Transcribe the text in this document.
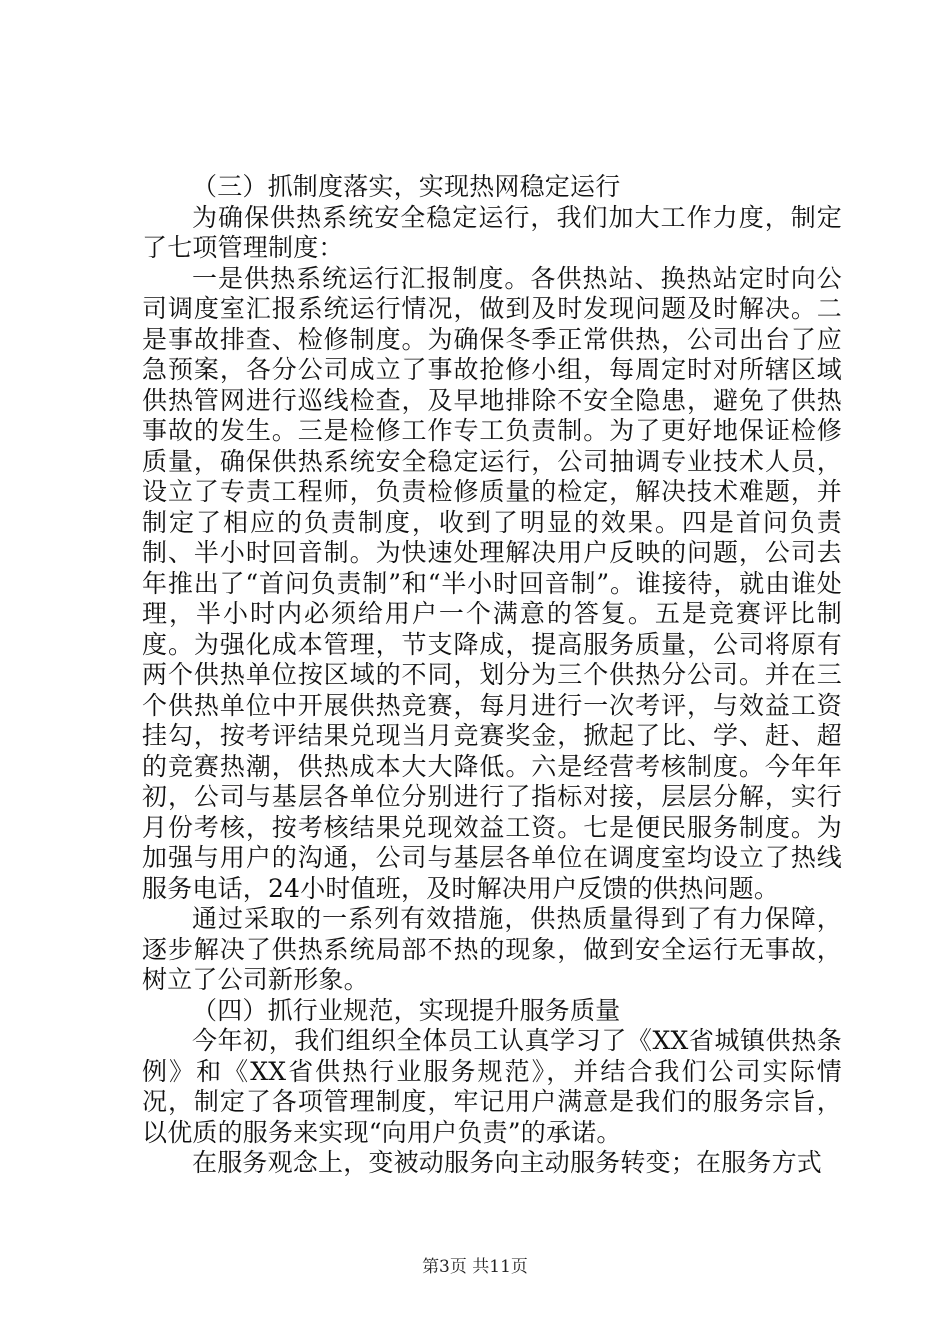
（三）抓制度落实，实现热网稳定运行

为确保供热系统安全稳定运行，我们加大工作力度，制定了七项管理制度：

一是供热系统运行汇报制度。各供热站、换热站定时向公司调度室汇报系统运行情况，做到及时发现问题及时解决。二是事故排查、检修制度。为确保冬季正常供热，公司出台了应急预案，各分公司成立了事故抢修小组，每周定时对所辖区域供热管网进行巡线检查，及早地排除不安全隐患，避免了供热事故的发生。三是检修工作专工负责制。为了更好地保证检修质量，确保供热系统安全稳定运行，公司抽调专业技术人员，设立了专责工程师，负责检修质量的检定，解决技术难题，并制定了相应的负责制度，收到了明显的效果。四是首问负责制、半小时回音制。为快速处理解决用户反映的问题，公司去年推出了“首问负责制”和“半小时回音制”。谁接待，就由谁处理，半小时内必须给用户一个满意的答复。五是竞赛评比制度。为强化成本管理，节支降成，提高服务质量，公司将原有两个供热单位按区域的不同，划分为三个供热分公司。并在三个供热单位中开展供热竞赛，每月进行一次考评，与效益工资挂勾，按考评结果兑现当月竞赛奖金，掀起了比、学、赶、超的竞赛热潮，供热成本大大降低。六是经营考核制度。今年年初，公司与基层各单位分别进行了指标对接，层层分解，实行月份考核，按考核结果兑现效益工资。七是便民服务制度。为加强与用户的沟通，公司与基层各单位在调度室均设立了热线服务电话，24小时值班，及时解决用户反馈的供热问题。

通过采取的一系列有效措施，供热质量得到了有力保障，逐步解决了供热系统局部不热的现象，做到安全运行无事故，树立了公司新形象。

（四）抓行业规范，实现提升服务质量

今年初，我们组织全体员工认真学习了《XX省城镇供热条例》和《XX省供热行业服务规范》，并结合我们公司实际情况，制定了各项管理制度，牢记用户满意是我们的服务宗旨，以优质的服务来实现“向用户负责”的承诺。

在服务观念上，变被动服务向主动服务转变；在服务方式

第3页 共11页
